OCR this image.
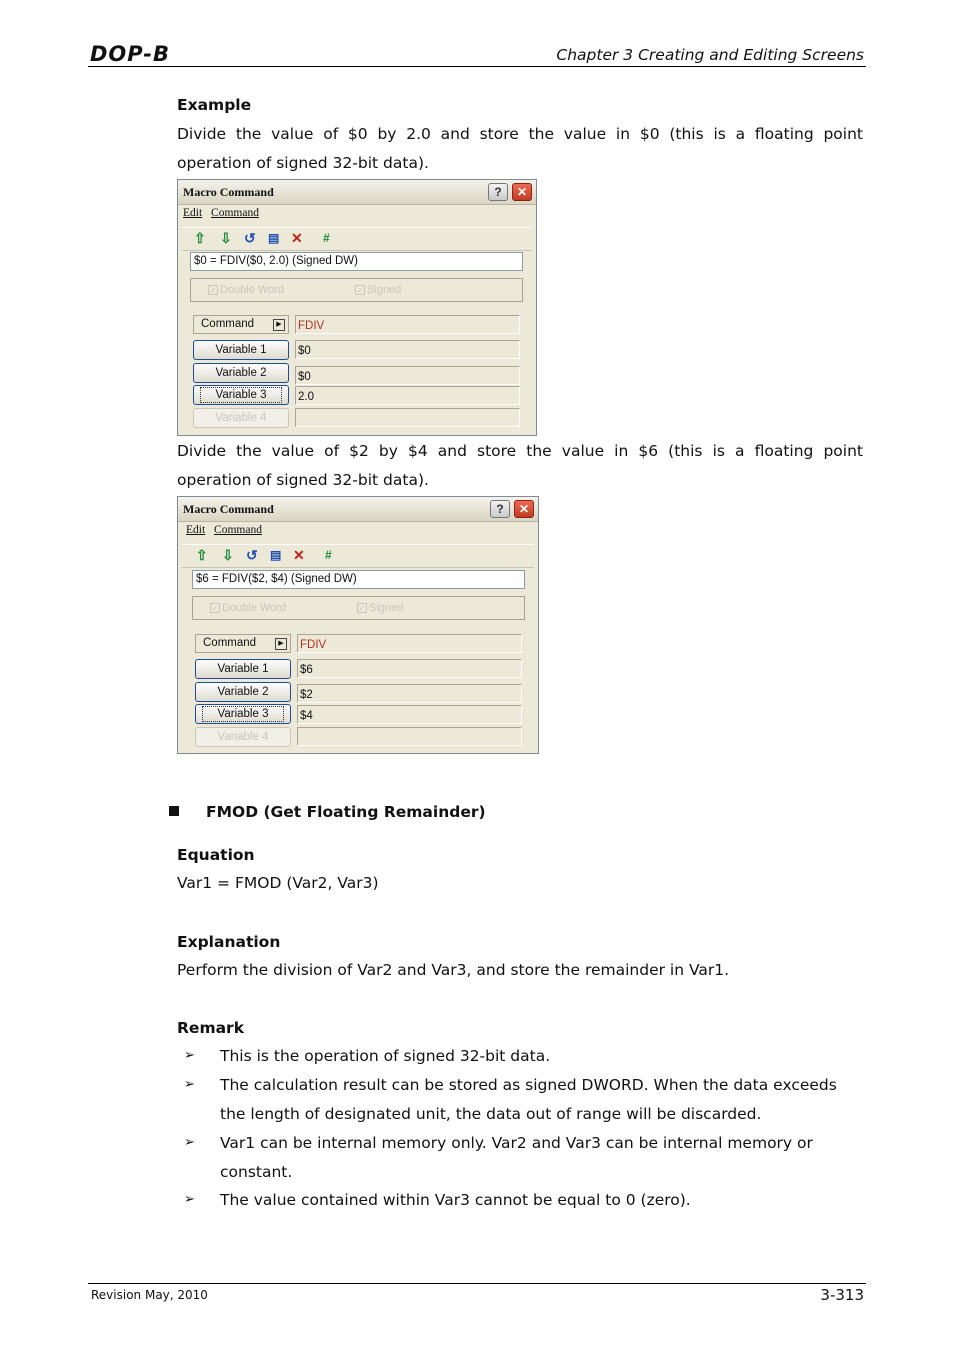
DOP-B	Chapter 3 Creating and Editing Screens
Example
Divide the value of $0 by 2.0 and store the value in $0 (this is a floating point
operation of signed 32-bit data).
Macro Command	?	✕
Edit Command
⇧ ⇩ ↺ ▤ ✕ #
$0 = FDIV($0, 2.0) (Signed DW)
✓ Double Word	✓ Signed
Command	▶ FDIV
Variable 1	$0
Variable 2	$0
Variable 3	2.0
Variable 4
Divide the value of $2 by $4 and store the value in $6 (this is a floating point
operation of signed 32-bit data).
Macro Command	?	✕
Edit Command
⇧ ⇩ ↺ ▤ ✕ #
$6 = FDIV($2, $4) (Signed DW)
✓ Double Word	✓ Signed
Command	▶ FDIV
Variable 1	$6
Variable 2	$2
Variable 3	$4
Variable 4
FMOD (Get Floating Remainder)
Equation
Var1 = FMOD (Var2, Var3)
Explanation
Perform the division of Var2 and Var3, and store the remainder in Var1.
Remark
➢ This is the operation of signed 32-bit data.
➢ The calculation result can be stored as signed DWORD. When the data exceeds
the length of designated unit, the data out of range will be discarded.
➢ Var1 can be internal memory only. Var2 and Var3 can be internal memory or
constant.
➢ The value contained within Var3 cannot be equal to 0 (zero).
Revision May, 2010	3-313
